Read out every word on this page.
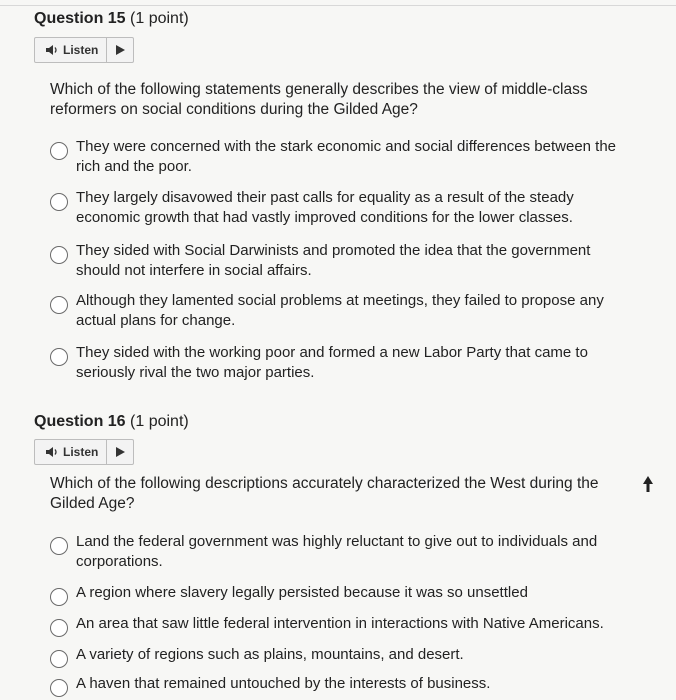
Question 15 (1 point)
Listen
Which of the following statements generally describes the view of middle-class reformers on social conditions during the Gilded Age?
They were concerned with the stark economic and social differences between the rich and the poor.
They largely disavowed their past calls for equality as a result of the steady economic growth that had vastly improved conditions for the lower classes.
They sided with Social Darwinists and promoted the idea that the government should not interfere in social affairs.
Although they lamented social problems at meetings, they failed to propose any actual plans for change.
They sided with the working poor and formed a new Labor Party that came to seriously rival the two major parties.
Question 16 (1 point)
Listen
Which of the following descriptions accurately characterized the West during the Gilded Age?
Land the federal government was highly reluctant to give out to individuals and corporations.
A region where slavery legally persisted because it was so unsettled
An area that saw little federal intervention in interactions with Native Americans.
A variety of regions such as plains, mountains, and desert.
A haven that remained untouched by the interests of business.
